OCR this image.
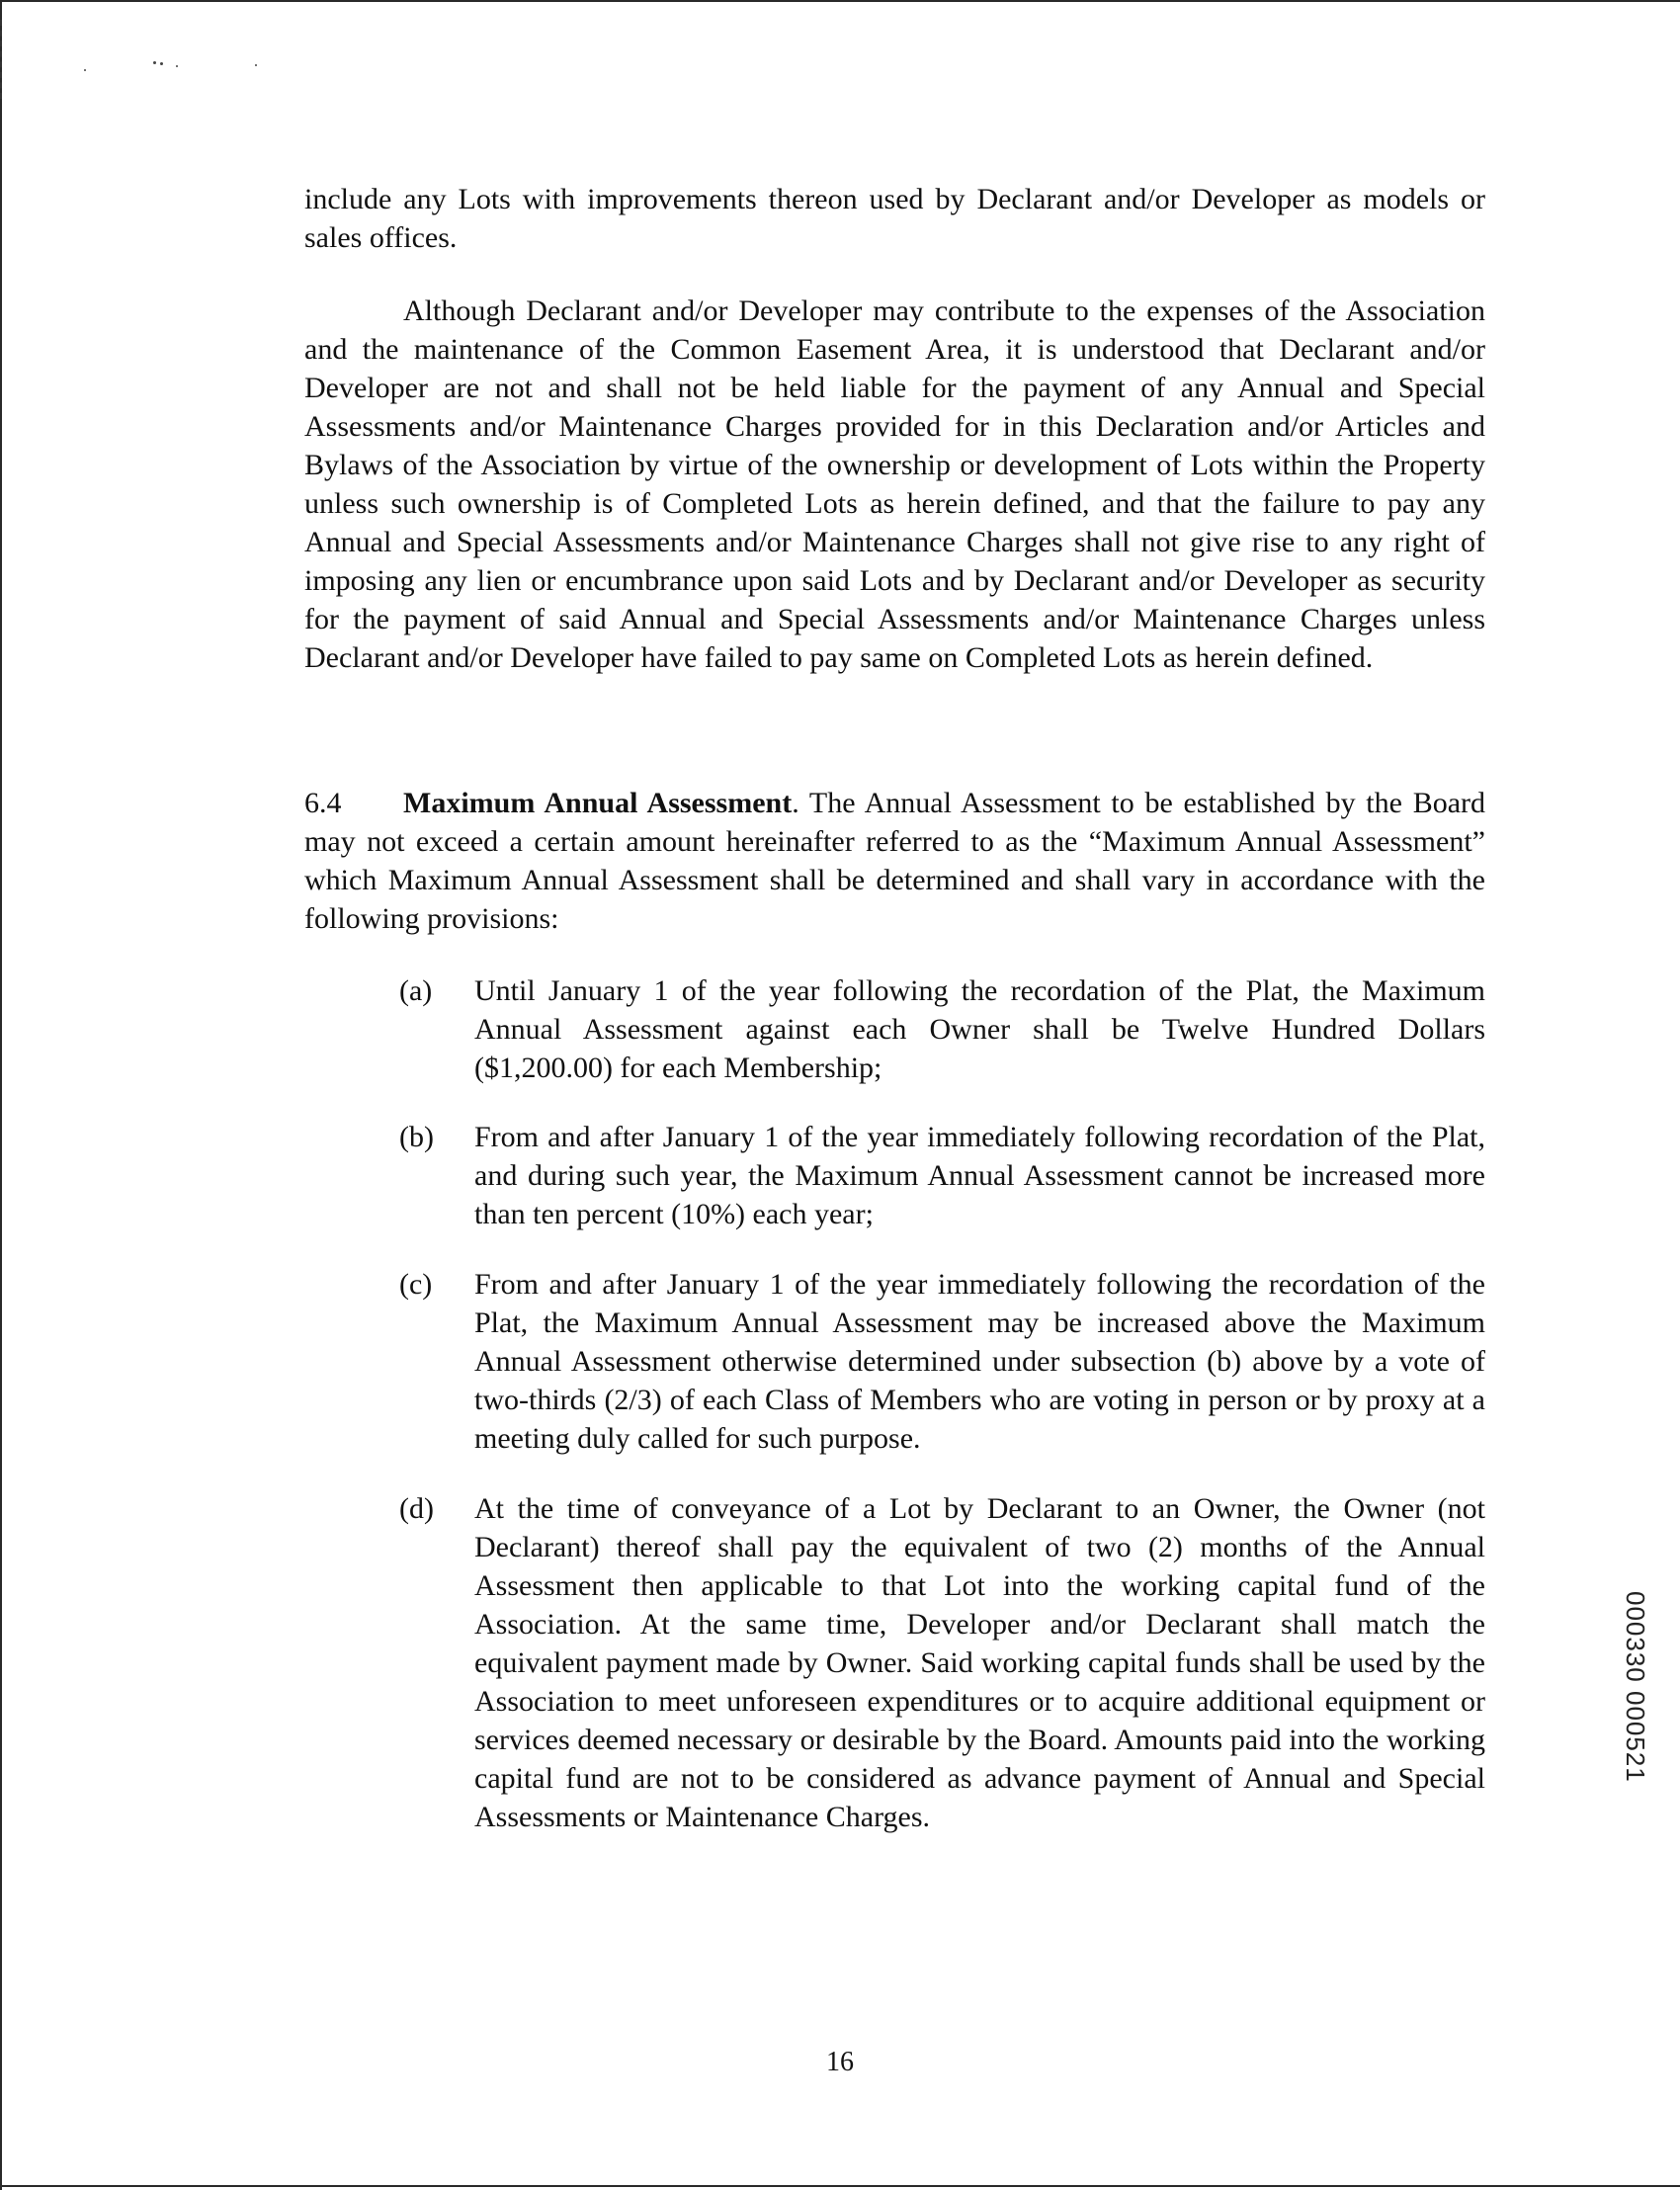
include any Lots with improvements thereon used by Declarant and/or Developer as models or sales offices.

Although Declarant and/or Developer may contribute to the expenses of the Association and the maintenance of the Common Easement Area, it is understood that Declarant and/or Developer are not and shall not be held liable for the payment of any Annual and Special Assessments and/or Maintenance Charges provided for in this Declaration and/or Articles and Bylaws of the Association by virtue of the ownership or development of Lots within the Property unless such ownership is of Completed Lots as herein defined, and that the failure to pay any Annual and Special Assessments and/or Maintenance Charges shall not give rise to any right of imposing any lien or encumbrance upon said Lots and by Declarant and/or Developer as security for the payment of said Annual and Special Assessments and/or Maintenance Charges unless Declarant and/or Developer have failed to pay same on Completed Lots as herein defined.

6.4 Maximum Annual Assessment. The Annual Assessment to be established by the Board may not exceed a certain amount hereinafter referred to as the “Maximum Annual Assessment” which Maximum Annual Assessment shall be determined and shall vary in accordance with the following provisions:

(a)	Until January 1 of the year following the recordation of the Plat, the Maximum Annual Assessment against each Owner shall be Twelve Hundred Dollars ($1,200.00) for each Membership;
(b)	From and after January 1 of the year immediately following recordation of the Plat, and during such year, the Maximum Annual Assessment cannot be increased more than ten percent (10%) each year;
(c)	From and after January 1 of the year immediately following the recordation of the Plat, the Maximum Annual Assessment may be increased above the Maximum Annual Assessment otherwise determined under subsection (b) above by a vote of two-thirds (2/3) of each Class of Members who are voting in person or by proxy at a meeting duly called for such purpose.
(d)	At the time of conveyance of a Lot by Declarant to an Owner, the Owner (not Declarant) thereof shall pay the equivalent of two (2) months of the Annual Assessment then applicable to that Lot into the working capital fund of the Association. At the same time, Developer and/or Declarant shall match the equivalent payment made by Owner. Said working capital funds shall be used by the Association to meet unforeseen expenditures or to acquire additional equipment or services deemed necessary or desirable by the Board. Amounts paid into the working capital fund are not to be considered as advance payment of Annual and Special Assessments or Maintenance Charges.
16
000330 000521
